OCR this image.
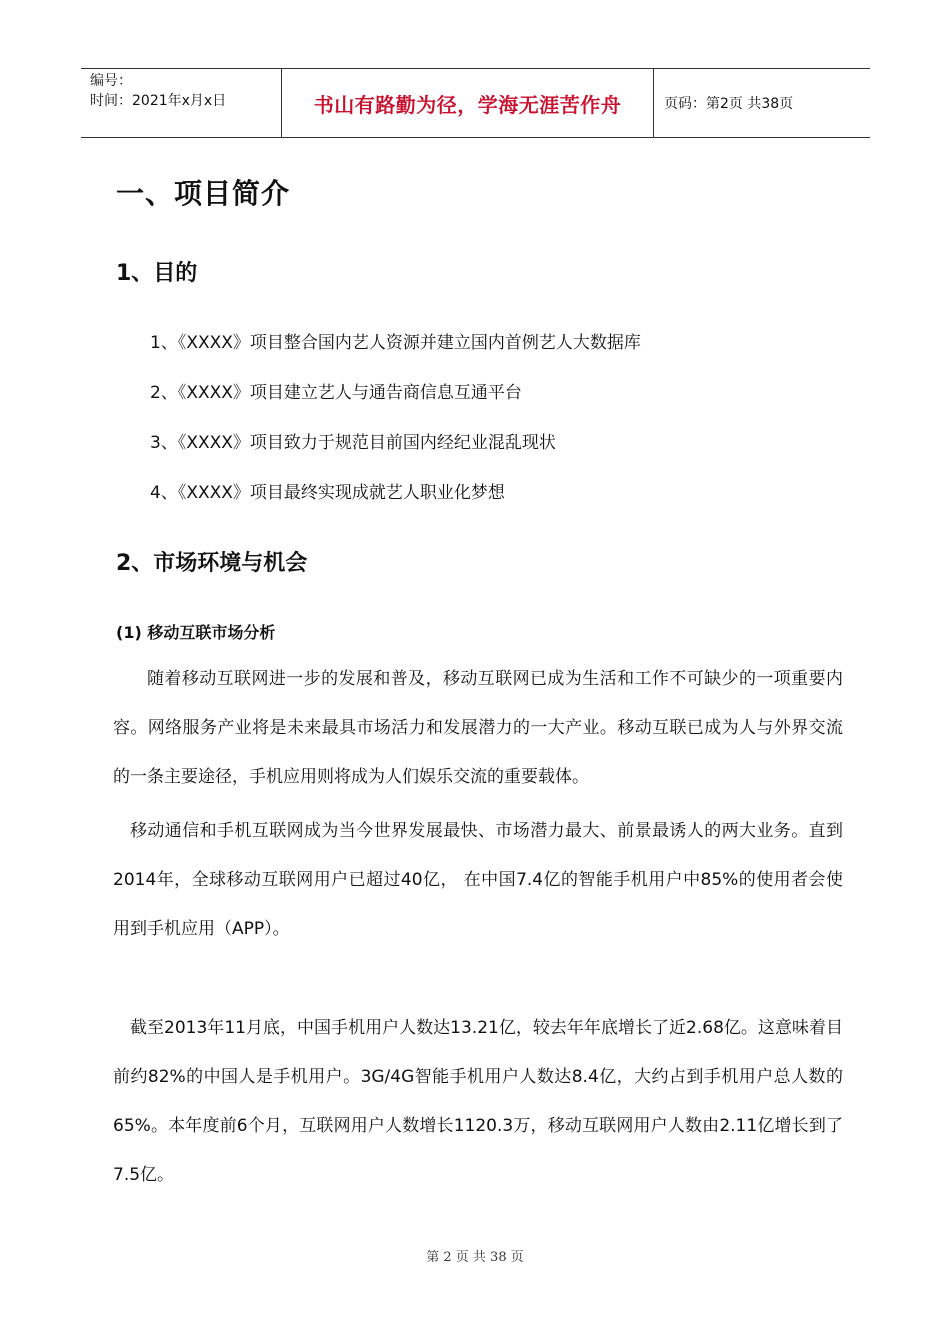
编号：
时间：2021年x月x日	书山有路勤为径，学海无涯苦作舟	页码：第2页 共38页
一、项目简介
1、目的
1、《XXXX》项目整合国内艺人资源并建立国内首例艺人大数据库
2、《XXXX》项目建立艺人与通告商信息互通平台
3、《XXXX》项目致力于规范目前国内经纪业混乱现状
4、《XXXX》项目最终实现成就艺人职业化梦想
2、市场环境与机会
(1) 移动互联市场分析

随着移动互联网进一步的发展和普及，移动互联网已成为生活和工作不可缺少的一项重要内容。网络服务产业将是未来最具市场活力和发展潜力的一大产业。移动互联已成为人与外界交流的一条主要途径，手机应用则将成为人们娱乐交流的重要载体。

移动通信和手机互联网成为当今世界发展最快、市场潜力最大、前景最诱人的两大业务。直到2014年，全球移动互联网用户已超过40亿， 在中国7.4亿的智能手机用户中85%的使用者会使用到手机应用（APP）。

截至2013年11月底，中国手机用户人数达13.21亿，较去年年底增长了近2.68亿。这意味着目前约82%的中国人是手机用户。3G/4G智能手机用户人数达8.4亿，大约占到手机用户总人数的65%。本年度前6个月，互联网用户人数增长1120.3万，移动互联网用户人数由2.11亿增长到了7.5亿。

第 2 页 共 38 页
